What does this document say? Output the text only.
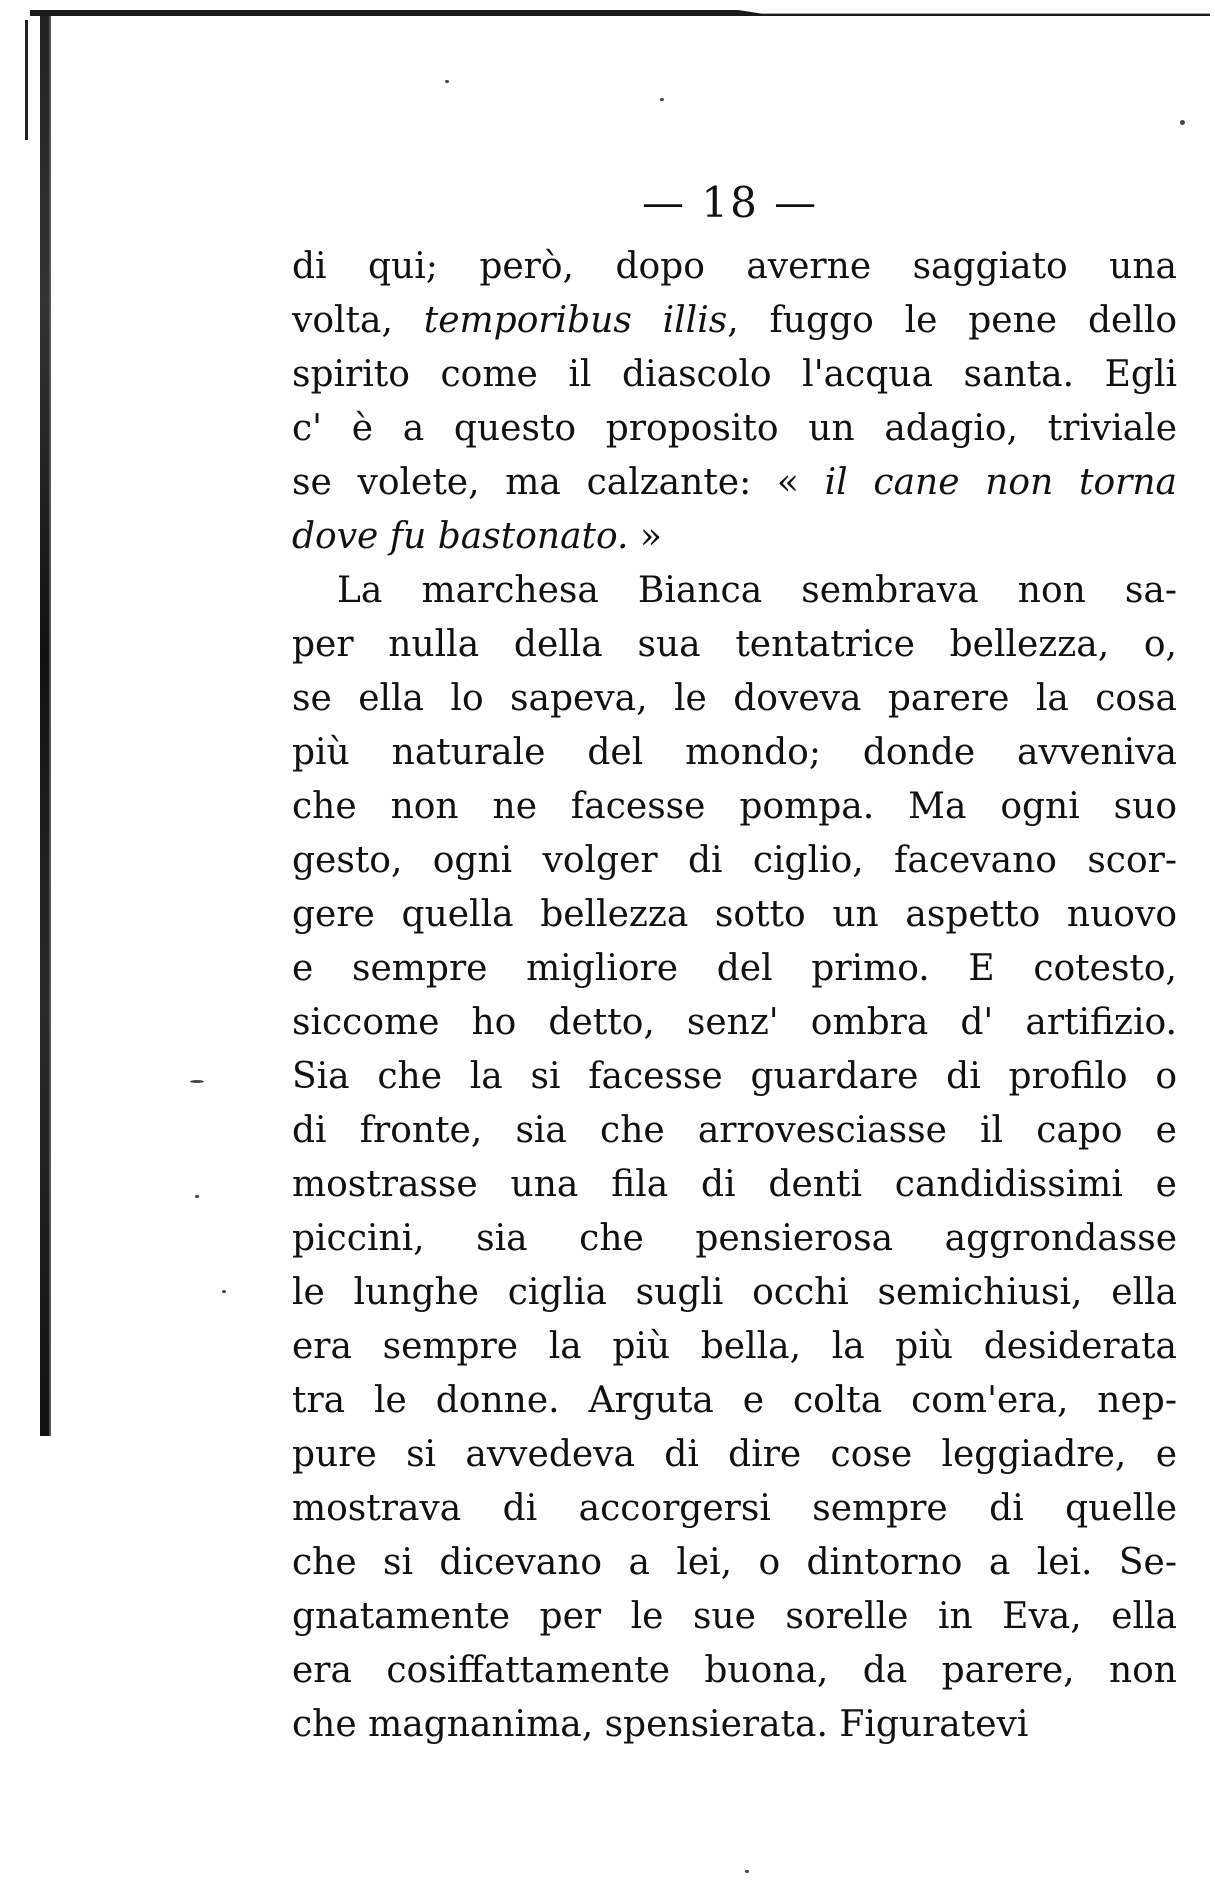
— 18 —
di qui; però, dopo averne saggiato una
volta, temporibus illis, fuggo le pene dello
spirito come il diascolo l'acqua santa. Egli
c' è a questo proposito un adagio, triviale
se volete, ma calzante: « il cane non torna
dove fu bastonato. »
La marchesa Bianca sembrava non sa-
per nulla della sua tentatrice bellezza, o,
se ella lo sapeva, le doveva parere la cosa
più naturale del mondo; donde avveniva
che non ne facesse pompa. Ma ogni suo
gesto, ogni volger di ciglio, facevano scor-
gere quella bellezza sotto un aspetto nuovo
e sempre migliore del primo. E cotesto,
siccome ho detto, senz' ombra d' artifizio.
Sia che la si facesse guardare di profilo o
di fronte, sia che arrovesciasse il capo e
mostrasse una fila di denti candidissimi e
piccini, sia che pensierosa aggrondasse
le lunghe ciglia sugli occhi semichiusi, ella
era sempre la più bella, la più desiderata
tra le donne. Arguta e colta com'era, nep-
pure si avvedeva di dire cose leggiadre, e
mostrava di accorgersi sempre di quelle
che si dicevano a lei, o dintorno a lei. Se-
gnatamente per le sue sorelle in Eva, ella
era cosiffattamente buona, da parere, non
che magnanima, spensierata. Figuratevi
